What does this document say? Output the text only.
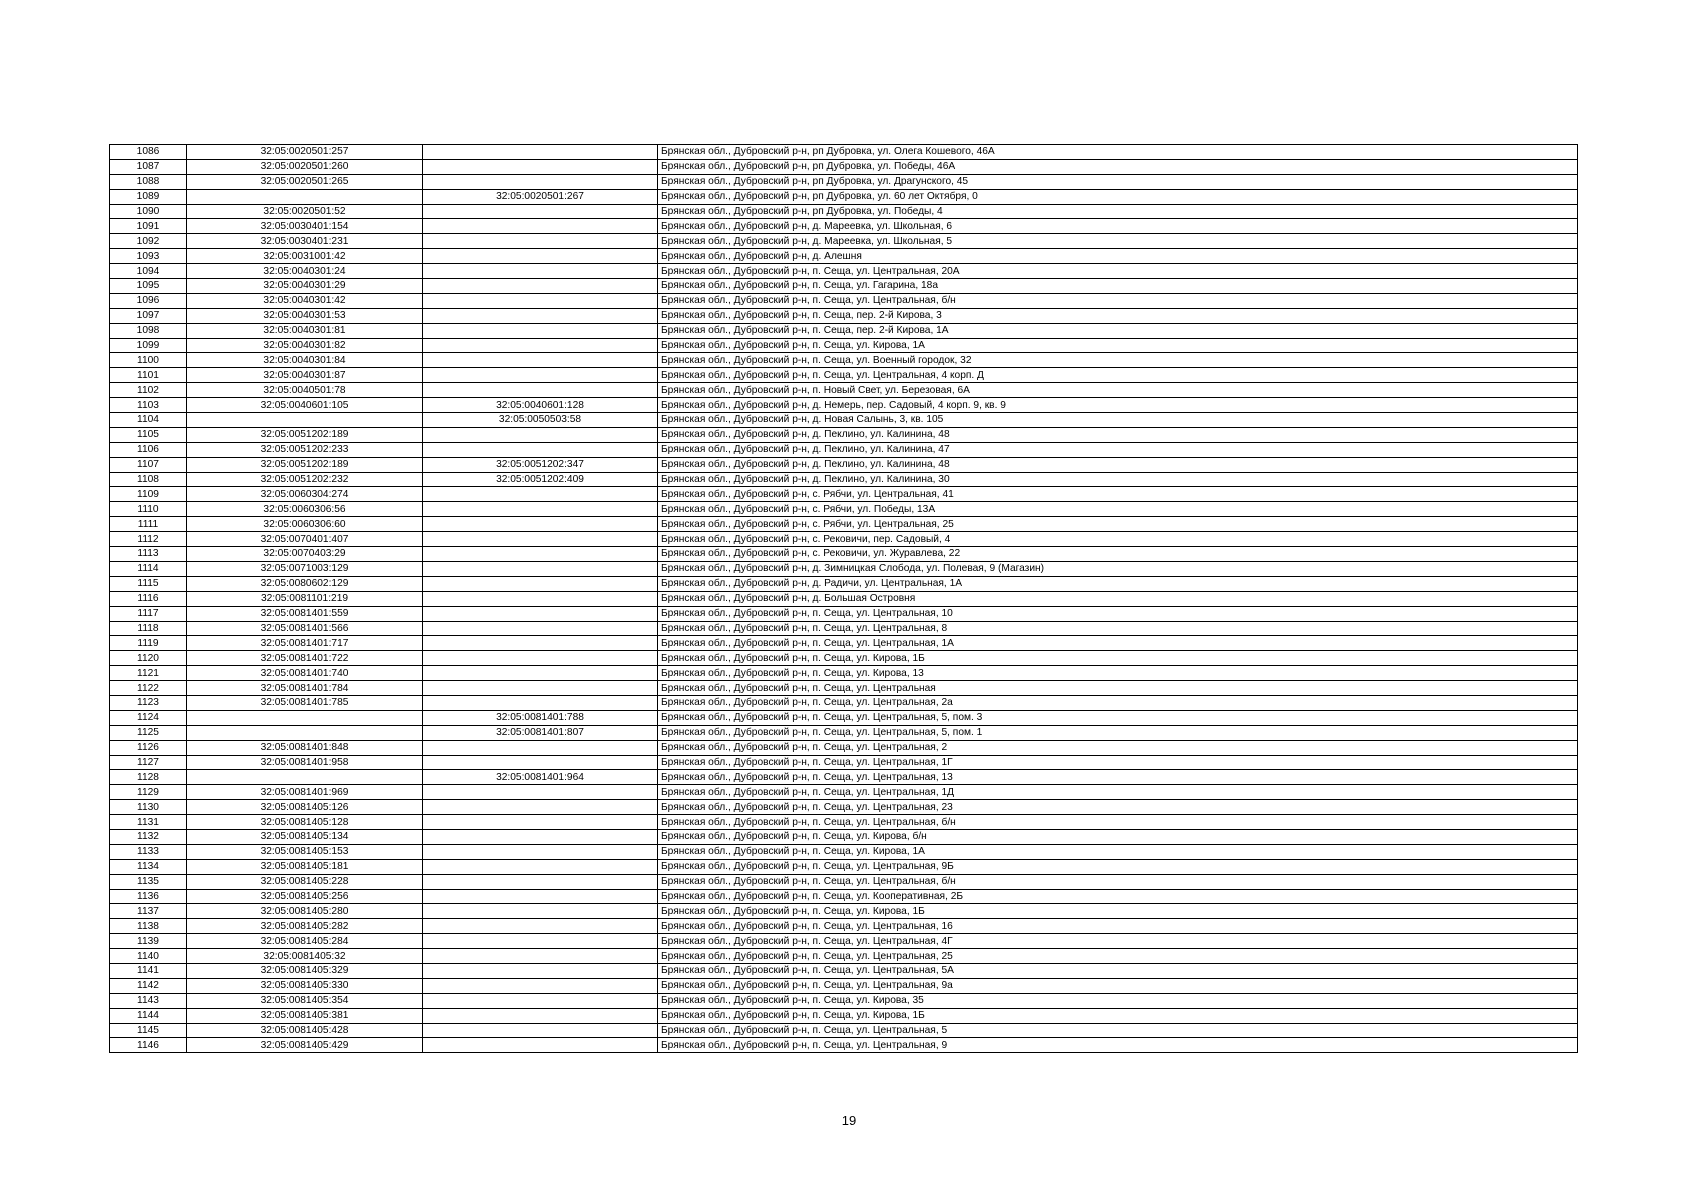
1086	32:05:0020501:257		Брянская обл., Дубровский р-н, рп Дубровка, ул. Олега Кошевого, 46А
1087	32:05:0020501:260		Брянская обл., Дубровский р-н, рп Дубровка, ул. Победы, 46А
1088	32:05:0020501:265		Брянская обл., Дубровский р-н, рп Дубровка, ул. Драгунского, 45
1089		32:05:0020501:267	Брянская обл., Дубровский р-н, рп Дубровка, ул. 60 лет Октября, 0
1090	32:05:0020501:52		Брянская обл., Дубровский р-н, рп Дубровка, ул. Победы, 4
1091	32:05:0030401:154		Брянская обл., Дубровский р-н, д. Мареевка, ул. Школьная, 6
1092	32:05:0030401:231		Брянская обл., Дубровский р-н, д. Мареевка, ул. Школьная, 5
1093	32:05:0031001:42		Брянская обл., Дубровский р-н, д. Алешня
1094	32:05:0040301:24		Брянская обл., Дубровский р-н, п. Сеща, ул. Центральная, 20А
1095	32:05:0040301:29		Брянская обл., Дубровский р-н, п. Сеща, ул. Гагарина, 18а
1096	32:05:0040301:42		Брянская обл., Дубровский р-н, п. Сеща, ул. Центральная, б/н
1097	32:05:0040301:53		Брянская обл., Дубровский р-н, п. Сеща, пер. 2-й Кирова, 3
1098	32:05:0040301:81		Брянская обл., Дубровский р-н, п. Сеща, пер. 2-й Кирова, 1А
1099	32:05:0040301:82		Брянская обл., Дубровский р-н, п. Сеща, ул. Кирова, 1А
1100	32:05:0040301:84		Брянская обл., Дубровский р-н, п. Сеща, ул. Военный городок, 32
1101	32:05:0040301:87		Брянская обл., Дубровский р-н, п. Сеща, ул. Центральная, 4 корп. Д
1102	32:05:0040501:78		Брянская обл., Дубровский р-н, п. Новый Свет, ул. Березовая, 6А
1103	32:05:0040601:105	32:05:0040601:128	Брянская обл., Дубровский р-н, д. Немерь, пер. Садовый, 4 корп. 9, кв. 9
1104		32:05:0050503:58	Брянская обл., Дубровский р-н, д. Новая Салынь, 3, кв. 105
1105	32:05:0051202:189		Брянская обл., Дубровский р-н, д. Пеклино, ул. Калинина, 48
1106	32:05:0051202:233		Брянская обл., Дубровский р-н, д. Пеклино, ул. Калинина, 47
1107	32:05:0051202:189	32:05:0051202:347	Брянская обл., Дубровский р-н, д. Пеклино, ул. Калинина, 48
1108	32:05:0051202:232	32:05:0051202:409	Брянская обл., Дубровский р-н, д. Пеклино, ул. Калинина, 30
1109	32:05:0060304:274		Брянская обл., Дубровский р-н, с. Рябчи, ул. Центральная, 41
1110	32:05:0060306:56		Брянская обл., Дубровский р-н, с. Рябчи, ул. Победы, 13А
1111	32:05:0060306:60		Брянская обл., Дубровский р-н, с. Рябчи, ул. Центральная, 25
1112	32:05:0070401:407		Брянская обл., Дубровский р-н, с. Рековичи, пер. Садовый, 4
1113	32:05:0070403:29		Брянская обл., Дубровский р-н, с. Рековичи, ул. Журавлева, 22
1114	32:05:0071003:129		Брянская обл., Дубровский р-н, д. Зимницкая Слобода, ул. Полевая, 9 (Магазин)
1115	32:05:0080602:129		Брянская обл., Дубровский р-н, д. Радичи, ул. Центральная, 1А
1116	32:05:0081101:219		Брянская обл., Дубровский р-н, д. Большая Островня
1117	32:05:0081401:559		Брянская обл., Дубровский р-н, п. Сеща, ул. Центральная, 10
1118	32:05:0081401:566		Брянская обл., Дубровский р-н, п. Сеща, ул. Центральная, 8
1119	32:05:0081401:717		Брянская обл., Дубровский р-н, п. Сеща, ул. Центральная, 1А
1120	32:05:0081401:722		Брянская обл., Дубровский р-н, п. Сеща, ул. Кирова, 1Б
1121	32:05:0081401:740		Брянская обл., Дубровский р-н, п. Сеща, ул. Кирова, 13
1122	32:05:0081401:784		Брянская обл., Дубровский р-н, п. Сеща, ул. Центральная
1123	32:05:0081401:785		Брянская обл., Дубровский р-н, п. Сеща, ул. Центральная, 2а
1124		32:05:0081401:788	Брянская обл., Дубровский р-н, п. Сеща, ул. Центральная, 5, пом. 3
1125		32:05:0081401:807	Брянская обл., Дубровский р-н, п. Сеща, ул. Центральная, 5, пом. 1
1126	32:05:0081401:848		Брянская обл., Дубровский р-н, п. Сеща, ул. Центральная, 2
1127	32:05:0081401:958		Брянская обл., Дубровский р-н, п. Сеща, ул. Центральная, 1Г
1128		32:05:0081401:964	Брянская обл., Дубровский р-н, п. Сеща, ул. Центральная, 13
1129	32:05:0081401:969		Брянская обл., Дубровский р-н, п. Сеща, ул. Центральная, 1Д
1130	32:05:0081405:126		Брянская обл., Дубровский р-н, п. Сеща, ул. Центральная, 23
1131	32:05:0081405:128		Брянская обл., Дубровский р-н, п. Сеща, ул. Центральная, б/н
1132	32:05:0081405:134		Брянская обл., Дубровский р-н, п. Сеща, ул. Кирова, б/н
1133	32:05:0081405:153		Брянская обл., Дубровский р-н, п. Сеща, ул. Кирова, 1А
1134	32:05:0081405:181		Брянская обл., Дубровский р-н, п. Сеща, ул. Центральная, 9Б
1135	32:05:0081405:228		Брянская обл., Дубровский р-н, п. Сеща, ул. Центральная, б/н
1136	32:05:0081405:256		Брянская обл., Дубровский р-н, п. Сеща, ул. Кооперативная, 2Б
1137	32:05:0081405:280		Брянская обл., Дубровский р-н, п. Сеща, ул. Кирова, 1Б
1138	32:05:0081405:282		Брянская обл., Дубровский р-н, п. Сеща, ул. Центральная, 16
1139	32:05:0081405:284		Брянская обл., Дубровский р-н, п. Сеща, ул. Центральная, 4Г
1140	32:05:0081405:32		Брянская обл., Дубровский р-н, п. Сеща, ул. Центральная, 25
1141	32:05:0081405:329		Брянская обл., Дубровский р-н, п. Сеща, ул. Центральная, 5А
1142	32:05:0081405:330		Брянская обл., Дубровский р-н, п. Сеща, ул. Центральная, 9а
1143	32:05:0081405:354		Брянская обл., Дубровский р-н, п. Сеща, ул. Кирова, 35
1144	32:05:0081405:381		Брянская обл., Дубровский р-н, п. Сеща, ул. Кирова, 1Б
1145	32:05:0081405:428		Брянская обл., Дубровский р-н, п. Сеща, ул. Центральная, 5
1146	32:05:0081405:429		Брянская обл., Дубровский р-н, п. Сеща, ул. Центральная, 9
19
